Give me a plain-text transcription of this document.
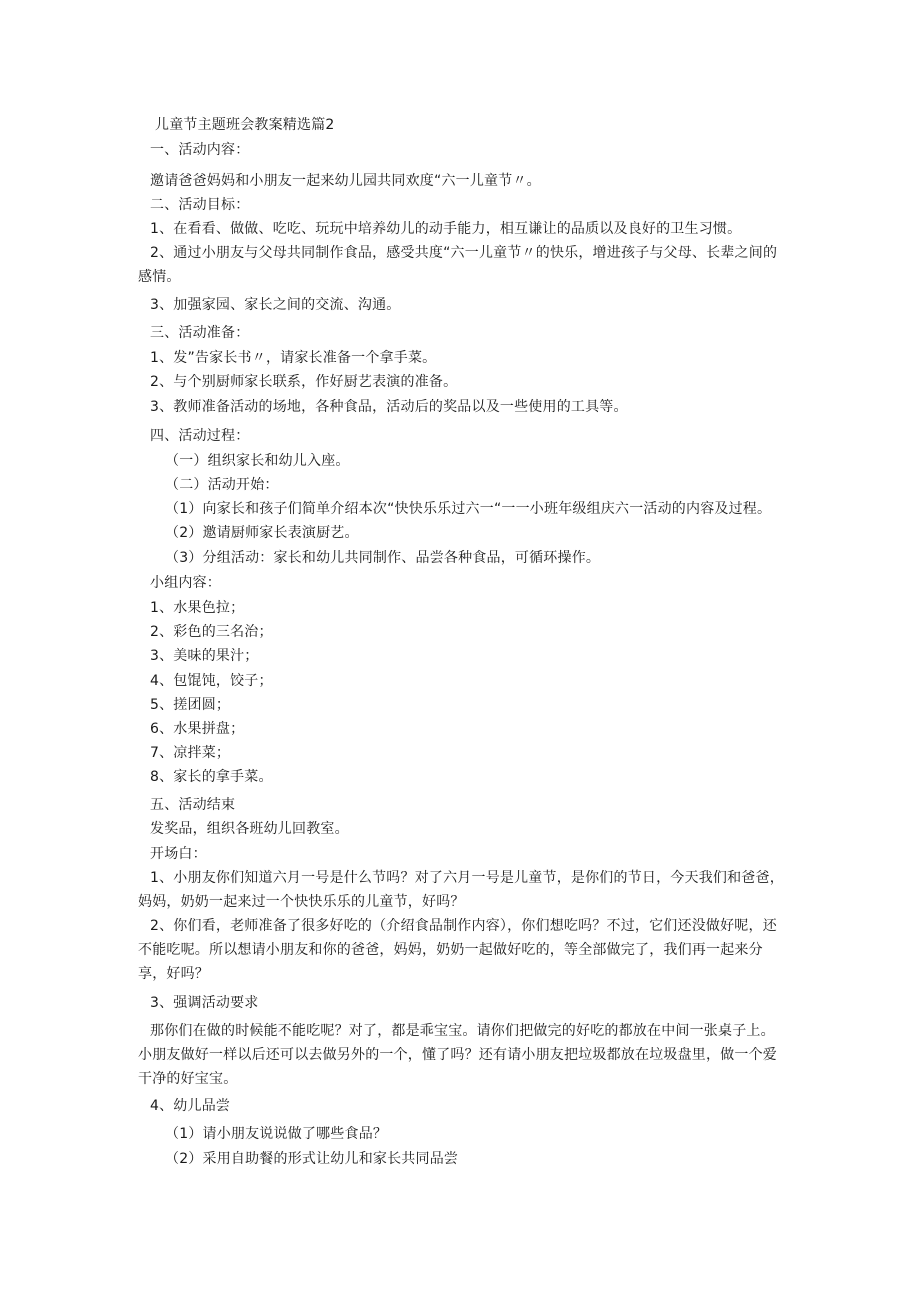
儿童节主题班会教案精选篇2
一、活动内容：
邀请爸爸妈妈和小朋友一起来幼儿园共同欢度“六一儿童节〃。
二、活动目标：
1、在看看、做做、吃吃、玩玩中培养幼儿的动手能力，相互谦让的品质以及良好的卫生习惯。
2、通过小朋友与父母共同制作食品，感受共度“六一儿童节〃的快乐，增进孩子与父母、长辈之间的感情。
3、加强家园、家长之间的交流、沟通。
三、活动准备：
1、发”告家长书〃，请家长准备一个拿手菜。
2、与个别厨师家长联系，作好厨艺表演的准备。
3、教师准备活动的场地，各种食品，活动后的奖品以及一些使用的工具等。
四、活动过程：
（一）组织家长和幼儿入座。
（二）活动开始：
（1）向家长和孩子们简单介绍本次“快快乐乐过六一“一一小班年级组庆六一活动的内容及过程。
（2）邀请厨师家长表演厨艺。
（3）分组活动：家长和幼儿共同制作、品尝各种食品，可循环操作。
小组内容：
1、水果色拉；
2、彩色的三名治；
3、美味的果汁；
4、包馄饨，饺子；
5、搓团圆；
6、水果拼盘；
7、凉拌菜；
8、家长的拿手菜。
五、活动结束
发奖品，组织各班幼儿回教室。
开场白：
1、小朋友你们知道六月一号是什么节吗？对了六月一号是儿童节，是你们的节日，今天我们和爸爸，妈妈，奶奶一起来过一个快快乐乐的儿童节，好吗？
2、你们看，老师准备了很多好吃的（介绍食品制作内容），你们想吃吗？不过，它们还没做好呢，还不能吃呢。所以想请小朋友和你的爸爸，妈妈，奶奶一起做好吃的，等全部做完了，我们再一起来分享，好吗？
3、强调活动要求
那你们在做的时候能不能吃呢？对了，都是乖宝宝。请你们把做完的好吃的都放在中间一张桌子上。小朋友做好一样以后还可以去做另外的一个，懂了吗？还有请小朋友把垃圾都放在垃圾盘里，做一个爱干净的好宝宝。
4、幼儿品尝
（1）请小朋友说说做了哪些食品？
（2）采用自助餐的形式让幼儿和家长共同品尝
